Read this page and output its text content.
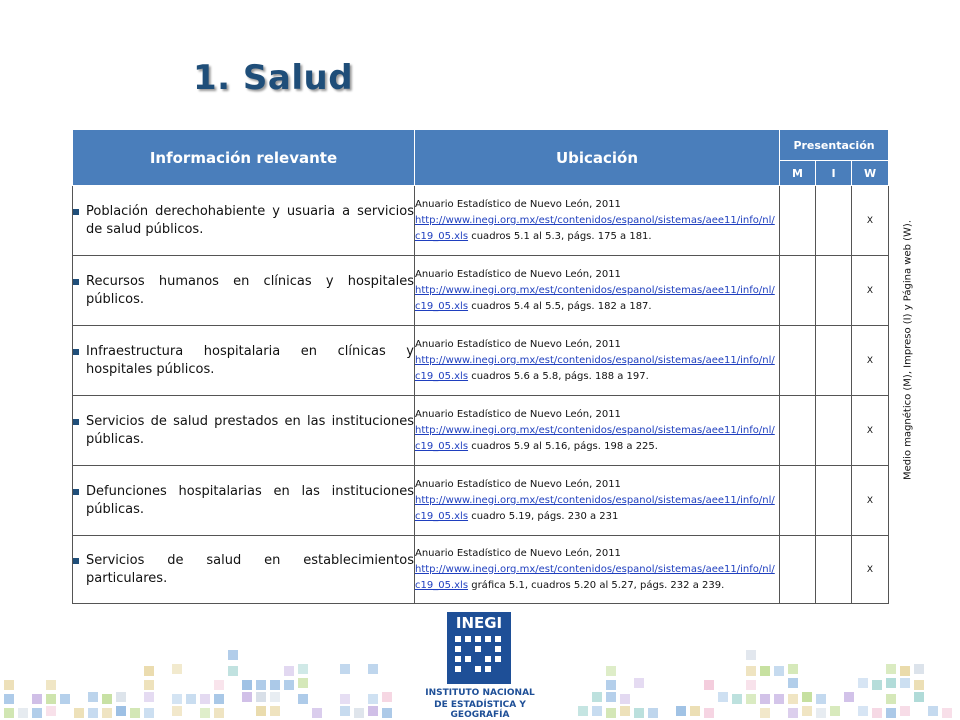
1. Salud
Información relevante	Ubicación	Presentación		
		M	I	W

Población derechohabiente y usuaria a servicios de salud públicos.	Anuario Estadístico de Nuevo León, 2011
http://www.inegi.org.mx/est/contenidos/espanol/sistemas/aee11/info/nl/c19_05.xls cuadros 5.1 al 5.3, págs. 175 a 181.			X

Recursos humanos en clínicas y hospitales públicos.	Anuario Estadístico de Nuevo León, 2011
http://www.inegi.org.mx/est/contenidos/espanol/sistemas/aee11/info/nl/c19_05.xls cuadros 5.4 al 5.5, págs. 182 a 187.			X

Infraestructura hospitalaria en clínicas y hospitales públicos.	Anuario Estadístico de Nuevo León, 2011
http://www.inegi.org.mx/est/contenidos/espanol/sistemas/aee11/info/nl/c19_05.xls cuadros 5.6 a 5.8, págs. 188 a 197.			X

Servicios de salud prestados en las instituciones públicas.	Anuario Estadístico de Nuevo León, 2011
http://www.inegi.org.mx/est/contenidos/espanol/sistemas/aee11/info/nl/c19_05.xls cuadros 5.9 al 5.16, págs. 198 a 225.			X

Defunciones hospitalarias en las instituciones públicas.	Anuario Estadístico de Nuevo León, 2011
http://www.inegi.org.mx/est/contenidos/espanol/sistemas/aee11/info/nl/c19_05.xls cuadro 5.19, págs. 230 a 231			X

Servicios de salud en establecimientos particulares.	Anuario Estadístico de Nuevo León, 2011
http://www.inegi.org.mx/est/contenidos/espanol/sistemas/aee11/info/nl/c19_05.xls gráfica 5.1, cuadros 5.20 al 5.27, págs. 232 a 239.			X
Medio magnético (M), Impreso (I) y Página web (W).
INEGI
INSTITUTO NACIONAL
DE ESTADÍSTICA Y GEOGRAFÍA
